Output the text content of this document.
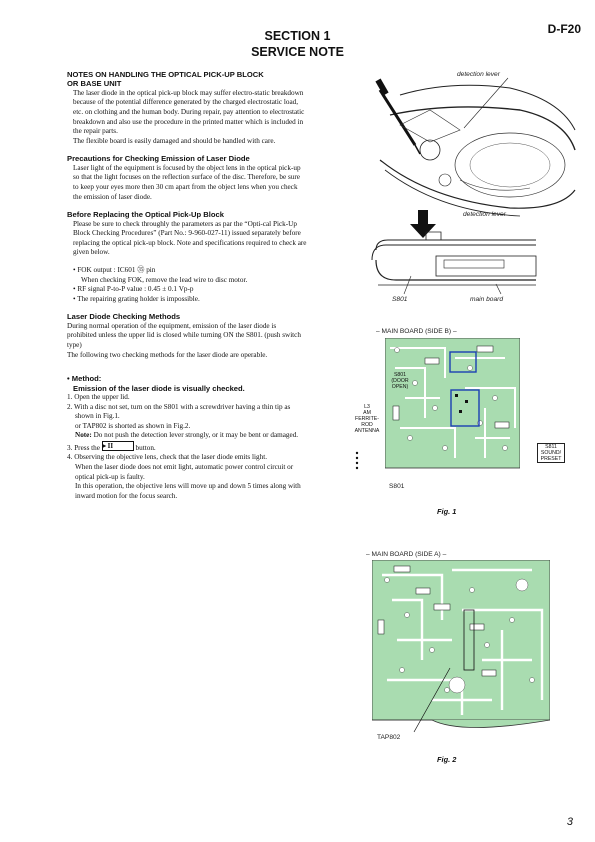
D-F20
SECTION 1
SERVICE NOTE

NOTES ON HANDLING THE OPTICAL PICK-UP BLOCK

OR BASE UNIT

The laser diode in the optical pick-up block may suffer electro-static breakdown because of the potential difference generated by the charged electrostatic load, etc. on clothing and the human body. During repair, pay attention to electrostatic breakdown and also use the procedure in the printed matter which is included in the repair parts.

The flexible board is easily damaged and should be handled with care.

Precautions for Checking Emission of Laser Diode

Laser light of the equipment is focused by the object lens in the optical pick-up so that the light focuses on the reflection surface of the disc. Therefore, be sure to keep your eyes more then 30 cm apart from the object lens when you check the emission of laser diode.

Before Replacing the Optical Pick-Up Block

Please be sure to check throughly the parameters as par the “Opti-cal Pick-Up Block Checking Procedures” (Part No.: 9-960-027-11) issued separately before replacing the optical pick-up block. Note and specifications required to check are given below.

• FOK output : IC601 ㉟ pin

When checking FOK, remove the lead wire to disc motor.

• RF signal P-to-P value : 0.45 ± 0.1 Vp-p

• The repairing grating holder is impossible.

Laser Diode Checking Methods

During normal operation of the equipment, emission of the laser diode is prohibited unless the upper lid is closed while turning ON the S801. (push switch type)

The following two checking methods for the laser diode are operable.

• Method:

Emission of the laser diode is visually checked.

1. Open the upper lid.

2. With a disc not set, turn on the S801 with a screwdriver having a thin tip as shown in Fig.1.

or TAP802 is shorted as shown in Fig.2.

Note: Do not push the detection lever strongly, or it may be bent or damaged.

3. Press the ►II	button.

4. Observing the objective lens, check that the laser diode emits light.

When the laser diode does not emit light, automatic power control circuit or optical pick-up is faulty.

In this operation, the objective lens will move up and down 5 times along with inward motion for the focus search.

detection lever
detection lever
S801	main board
– MAIN BOARD (SIDE B) –
L3
AM
FERRITE-
ROD
ANTENNA
S801
(DOOR
OPEN)
S811
SOUND/
PRESET
S801
Fig. 1
– MAIN BOARD (SIDE A) –
TAP802
Fig. 2
3
